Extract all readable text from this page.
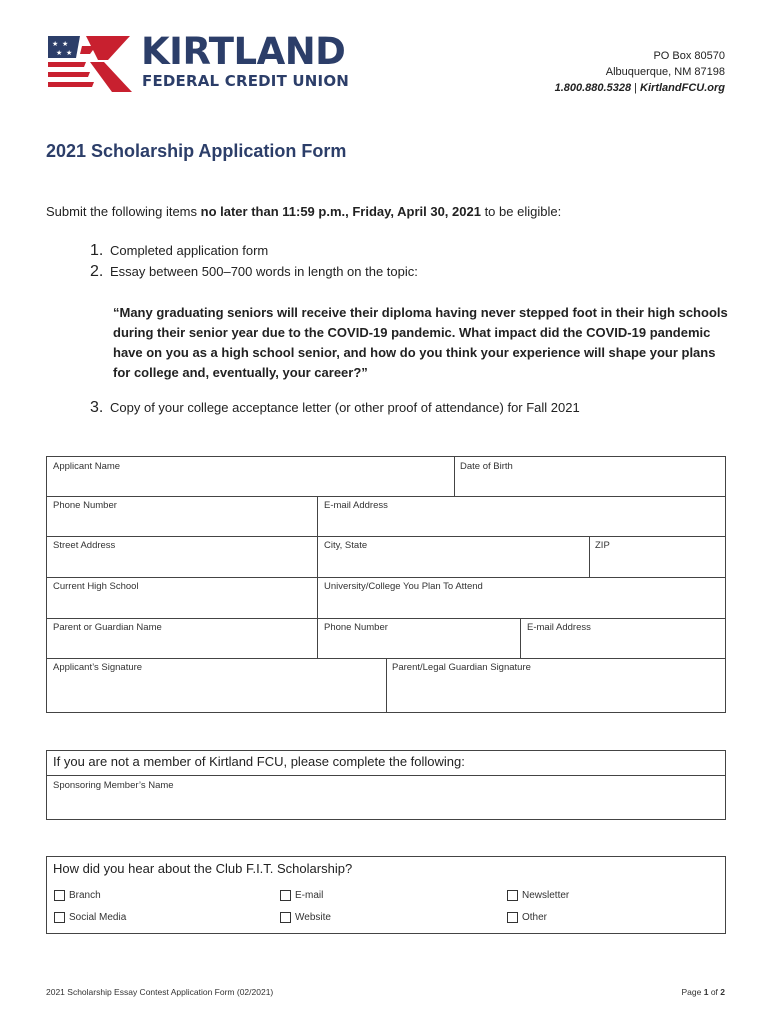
★ ★
★ ★ KIRTLAND
FEDERAL CREDIT UNION
PO Box 80570
Albuquerque, NM 87198
1.800.880.5328 | KirtlandFCU.org
2021 Scholarship Application Form
Submit the following items no later than 11:59 p.m., Friday, April 30, 2021 to be eligible:
1. Completed application form
2. Essay between 500–700 words in length on the topic:
“Many graduating seniors will receive their diploma having never stepped foot in their high schools during their senior year due to the COVID-19 pandemic. What impact did the COVID-19 pandemic have on you as a high school senior, and how do you think your experience will shape your plans for college and, eventually, your career?”
3. Copy of your college acceptance letter (or other proof of attendance) for Fall 2021
Applicant Name	Date of Birth
Phone Number	E-mail Address
Street Address	City, State	ZIP
Current High School	University/College You Plan To Attend
Parent or Guardian Name	Phone Number	E-mail Address
Applicant’s Signature	Parent/Legal Guardian Signature
If you are not a member of Kirtland FCU, please complete the following:
Sponsoring Member’s Name
How did you hear about the Club F.I.T. Scholarship?
Branch	E-mail	Newsletter
Social Media	Website	Other
2021 Scholarship Essay Contest Application Form (02/2021)	Page 1 of 2
